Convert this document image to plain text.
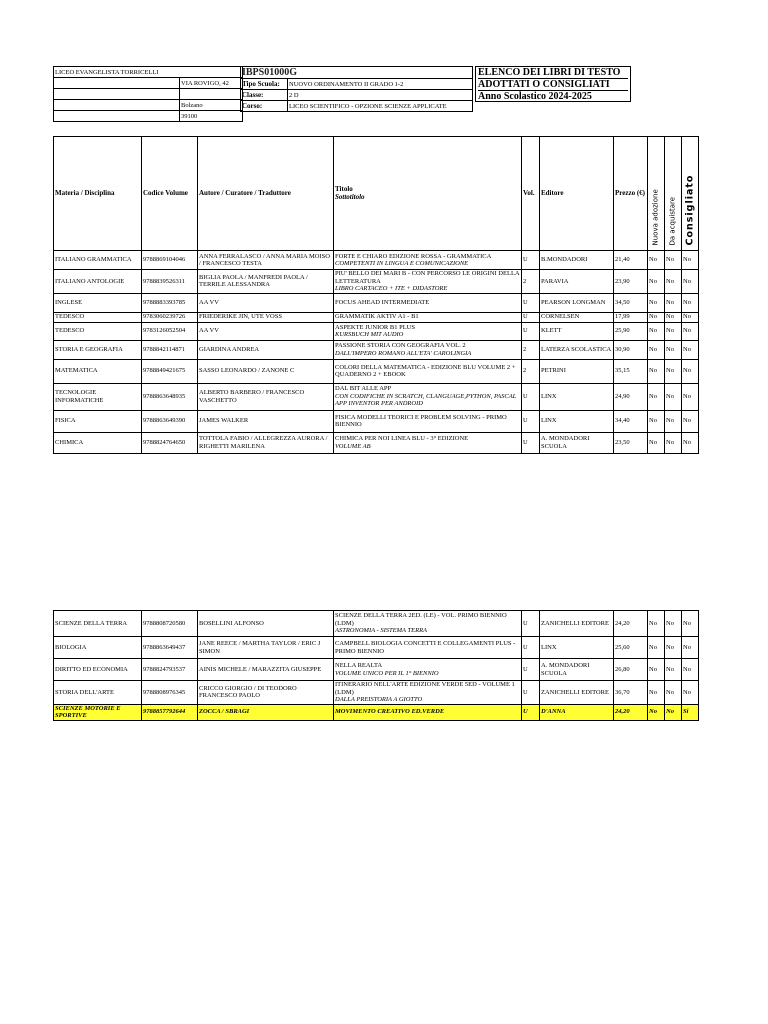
LICEO EVANGELISTA TORRICELLI	
	VIA ROVIGO, 42

	Bolzano
	39100
IBPS01000G	
Tipo Scuola:	NUOVO ORDINAMENTO II GRADO 1-2
Classe:	2 D
Corso:	LICEO SCIENTIFICO - OPZIONE SCIENZE APPLICATE
ELENCO DEI LIBRI DI TESTO
ADOTTATI O CONSIGLIATI
Anno Scolastico 2024-2025
Materia / Disciplina	Codice Volume	Autore / Curatore / Traduttore	Titolo
Sottotitolo	Vol.	Editore	Prezzo (€)	Nuova adozione	Da acquistare	Consigliato

ITALIANO GRAMMATICA	9788869104046	ANNA FERRALASCO / ANNA MARIA MOISO / FRANCESCO TESTA	FORTE E CHIARO EDIZIONE ROSSA - GRAMMATICA
COMPETENTI IN LINGUA E COMUNICAZIONE	U	B.MONDADORI	21,40	No	No	No
ITALIANO ANTOLOGIE	9788839526311	BIGLIA PAOLA / MANFREDI PAOLA / TERRILE ALESSANDRA	PIU' BELLO DEI MARI B - CON PERCORSO LE ORIGINI DELLA LETTERATURA
LIBRO CARTACEO + ITE + DIDASTORE	2	PARAVIA	23,90	No	No	No
INGLESE	9788883393785	AA VV	FOCUS AHEAD INTERMEDIATE	U	PEARSON LONGMAN	34,50	No	No	No
TEDESCO	9783060239726	FRIEDERIKE JIN, UTE VOSS	GRAMMATIK AKTIV A1 - B1	U	CORNELSEN	17,99	No	No	No
TEDESCO	9783126052504	AA VV	ASPEKTE JUNIOR B1 PLUS
KURSBUCH MIT AUDIO	U	KLETT	25,90	No	No	No
STORIA E GEOGRAFIA	9788842114871	GIARDINA ANDREA	PASSIONE STORIA CON GEOGRAFIA VOL. 2
DALL'IMPERO ROMANO ALL'ETA' CAROLINGIA	2	LATERZA SCOLASTICA	30,90	No	No	No
MATEMATICA	9788849421675	SASSO LEONARDO / ZANONE C	COLORI DELLA MATEMATICA - EDIZIONE BLU VOLUME 2 + QUADERNO 2 + EBOOK	2	PETRINI	35,15	No	No	No
TECNOLOGIE INFORMATICHE	9788863648935	ALBERTO BARBERO / FRANCESCO VASCHETTO	DAL BIT ALLE APP
CON CODIFICHE IN SCRATCH, CLANGUAGE,PYTHON, PASCAL APP INVENTOR PER ANDROID	U	LINX	24,90	No	No	No
FISICA	9788863649390	JAMES WALKER	FISICA MODELLI TEORICI E PROBLEM SOLVING - PRIMO BIENNIO	U	LINX	34,40	No	No	No
CHIMICA	9788824764650	TOTTOLA FABIO / ALLEGREZZA AURORA / RIGHETTI MARILENA	CHIMICA PER NOI LINEA BLU - 3° EDIZIONE
VOLUME AB	U	A. MONDADORI SCUOLA	23,50	No	No	No
SCIENZE DELLA TERRA	9788808720580	BOSELLINI ALFONSO	SCIENZE DELLA TERRA 2ED. (LE) - VOL. PRIMO BIENNIO (LDM)
ASTRONOMIA - SISTEMA TERRA	U	ZANICHELLI EDITORE	24,20	No	No	No
BIOLOGIA	9788863649437	JANE REECE / MARTHA TAYLOR / ERIC J SIMON	CAMPBELL BIOLOGIA CONCETTI E COLLEGAMENTI PLUS - PRIMO BIENNIO	U	LINX	25,60	No	No	No
DIRITTO ED ECONOMIA	9788824793537	AINIS MICHELE / MARAZZITA GIUSEPPE	NELLA REALTA
VOLUME UNICO PER IL 1° BIENNIO	U	A. MONDADORI SCUOLA	26,80	No	No	No
STORIA DELL'ARTE	9788808976345	CRICCO GIORGIO / DI TEODORO FRANCESCO PAOLO	ITINERARIO NELL'ARTE EDIZIONE VERDE 5ED - VOLUME 1 (LDM)
DALLA PREISTORIA A GIOTTO	U	ZANICHELLI EDITORE	36,70	No	No	No
SCIENZE MOTORIE E SPORTIVE	9788857792644	ZOCCA / SBRAGI	MOVIMENTO CREATIVO ED.VERDE	U	D'ANNA	24,20	No	No	Si
